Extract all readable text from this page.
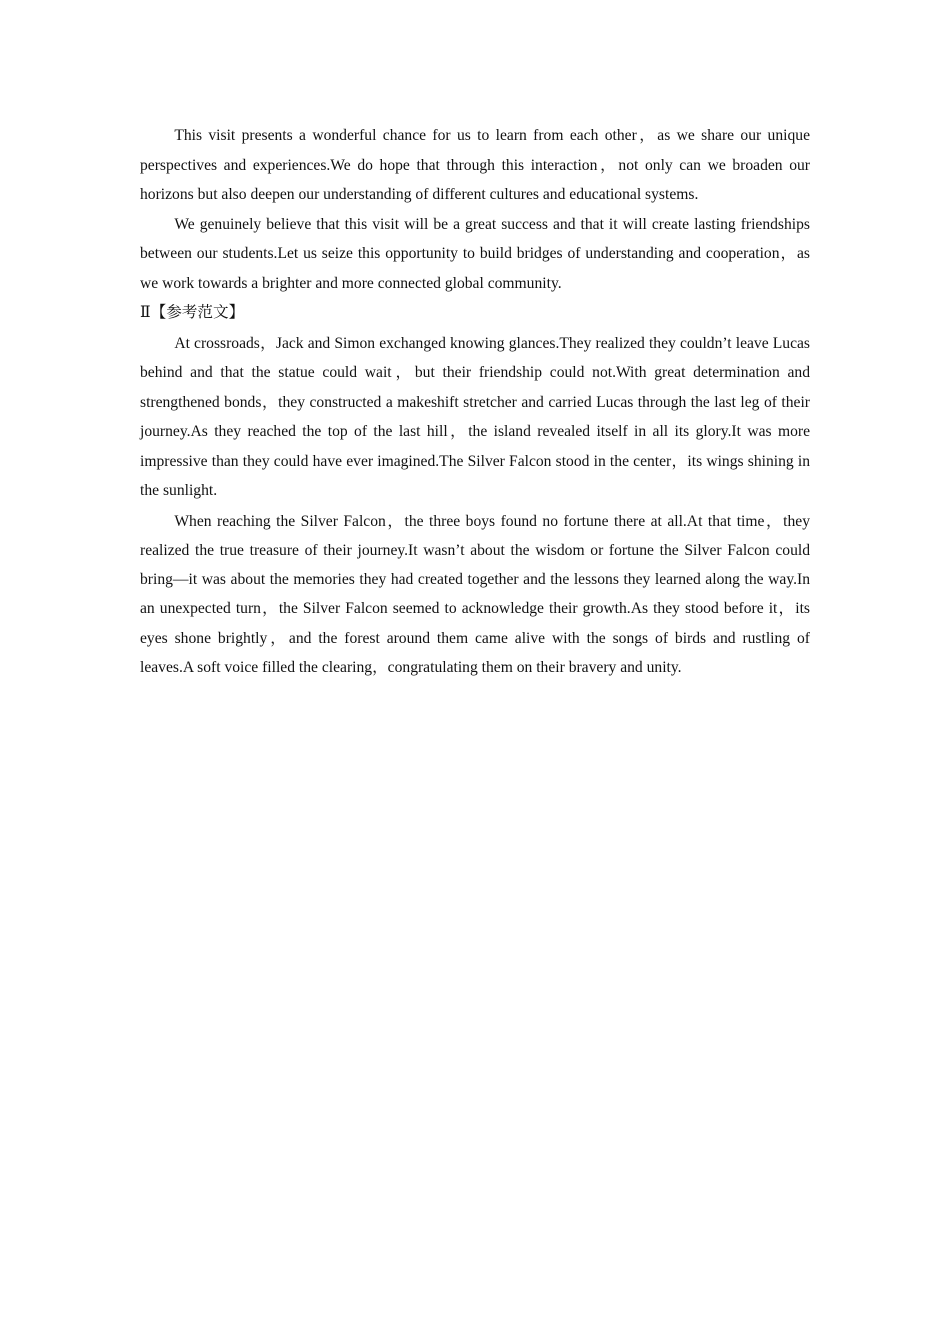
This visit presents a wonderful chance for us to learn from each other，as we share our unique perspectives and experiences.We do hope that through this interaction，not only can we broaden our horizons but also deepen our understanding of different cultures and educational systems.

We genuinely believe that this visit will be a great success and that it will create lasting friendships between our students.Let us seize this opportunity to build bridges of understanding and cooperation，as we work towards a brighter and more connected global community.

Ⅱ【参考范文】

At crossroads，Jack and Simon exchanged knowing glances.They realized they couldn’t leave Lucas behind and that the statue could wait，but their friendship could not.With great determination and strengthened bonds，they constructed a makeshift stretcher and carried Lucas through the last leg of their journey.As they reached the top of the last hill，the island revealed itself in all its glory.It was more impressive than they could have ever imagined.The Silver Falcon stood in the center，its wings shining in the sunlight.

When reaching the Silver Falcon，the three boys found no fortune there at all.At that time，they realized the true treasure of their journey.It wasn’t about the wisdom or fortune the Silver Falcon could bring—it was about the memories they had created together and the lessons they learned along the way.In an unexpected turn，the Silver Falcon seemed to acknowledge their growth.As they stood before it，its eyes shone brightly，and the forest around them came alive with the songs of birds and rustling of leaves.A soft voice filled the clearing，congratulating them on their bravery and unity.
